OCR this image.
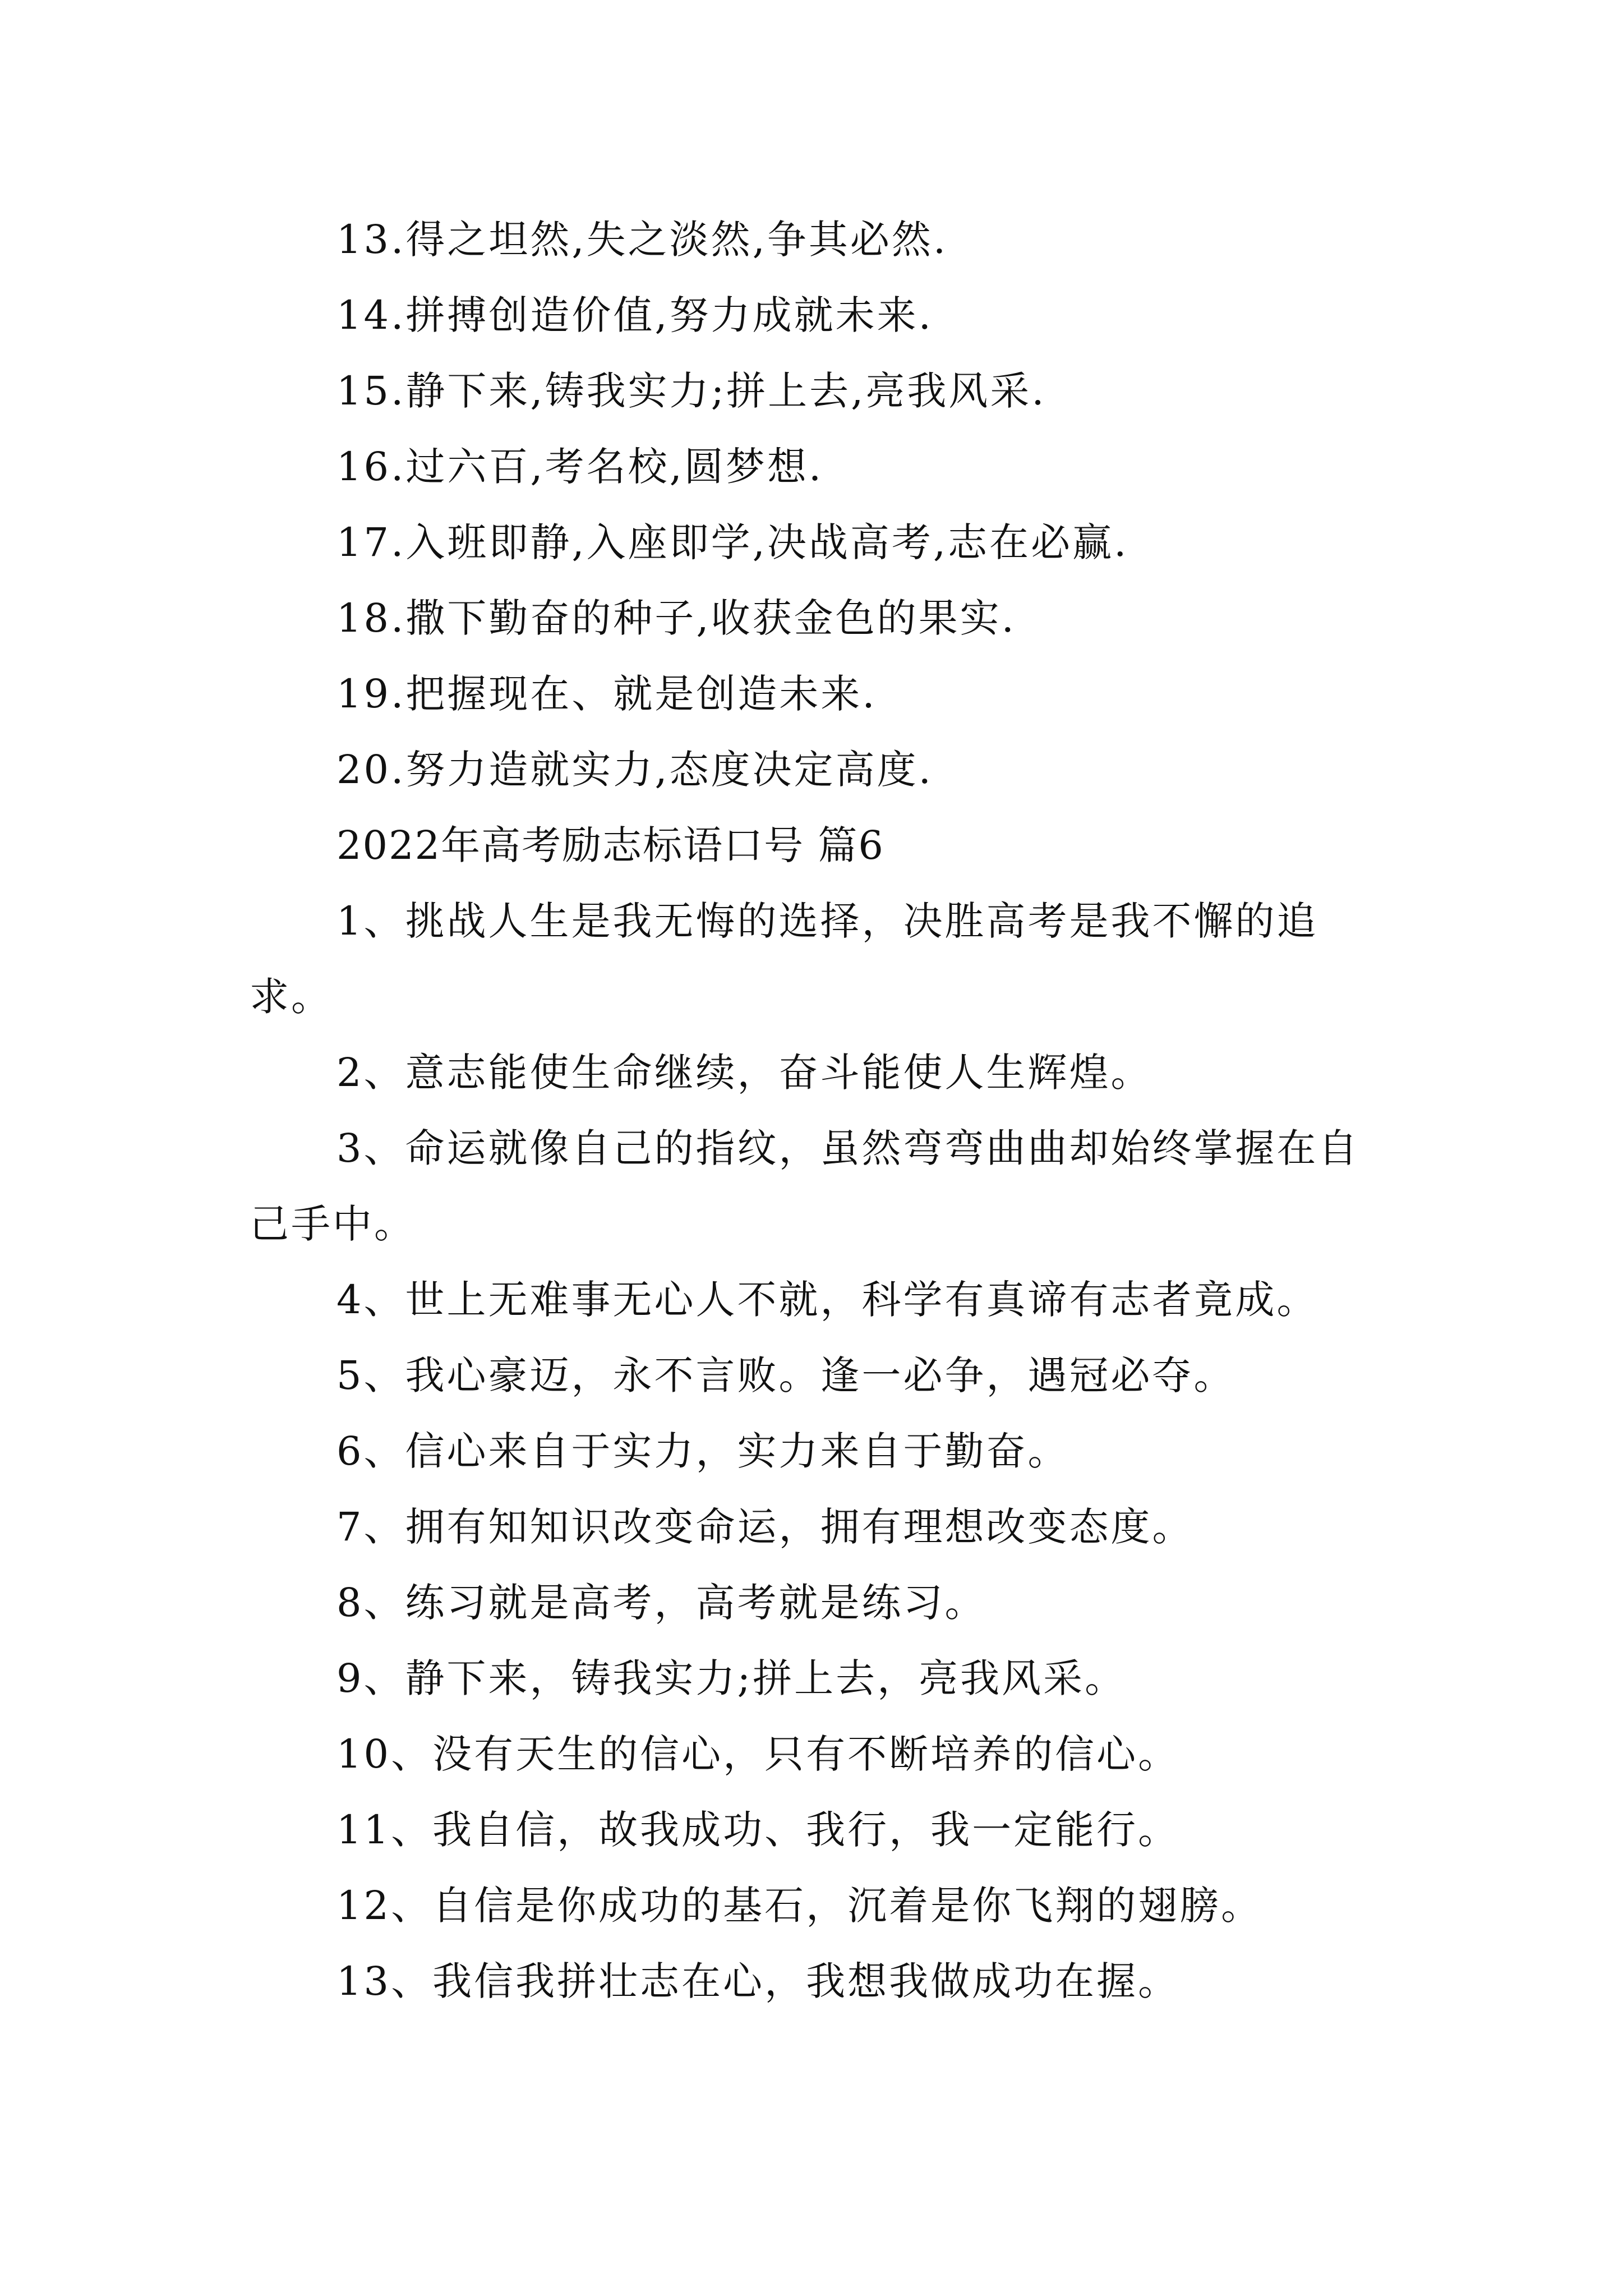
13.得之坦然,失之淡然,争其必然.

14.拼搏创造价值,努力成就未来.

15.静下来,铸我实力;拼上去,亮我风采.

16.过六百,考名校,圆梦想.

17.入班即静,入座即学,决战高考,志在必赢.

18.撒下勤奋的种子,收获金色的果实.

19.把握现在、就是创造未来.

20.努力造就实力,态度决定高度.

2022年高考励志标语口号 篇6

1、挑战人生是我无悔的选择，决胜高考是我不懈的追求。

2、意志能使生命继续，奋斗能使人生辉煌。

3、命运就像自己的指纹，虽然弯弯曲曲却始终掌握在自己手中。

4、世上无难事无心人不就，科学有真谛有志者竟成。

5、我心豪迈，永不言败。逢一必争，遇冠必夺。

6、信心来自于实力，实力来自于勤奋。

7、拥有知知识改变命运，拥有理想改变态度。

8、练习就是高考，高考就是练习。

9、静下来，铸我实力;拼上去，亮我风采。

10、没有天生的信心，只有不断培养的信心。

11、我自信，故我成功、我行，我一定能行。

12、自信是你成功的基石，沉着是你飞翔的翅膀。

13、我信我拼壮志在心，我想我做成功在握。
